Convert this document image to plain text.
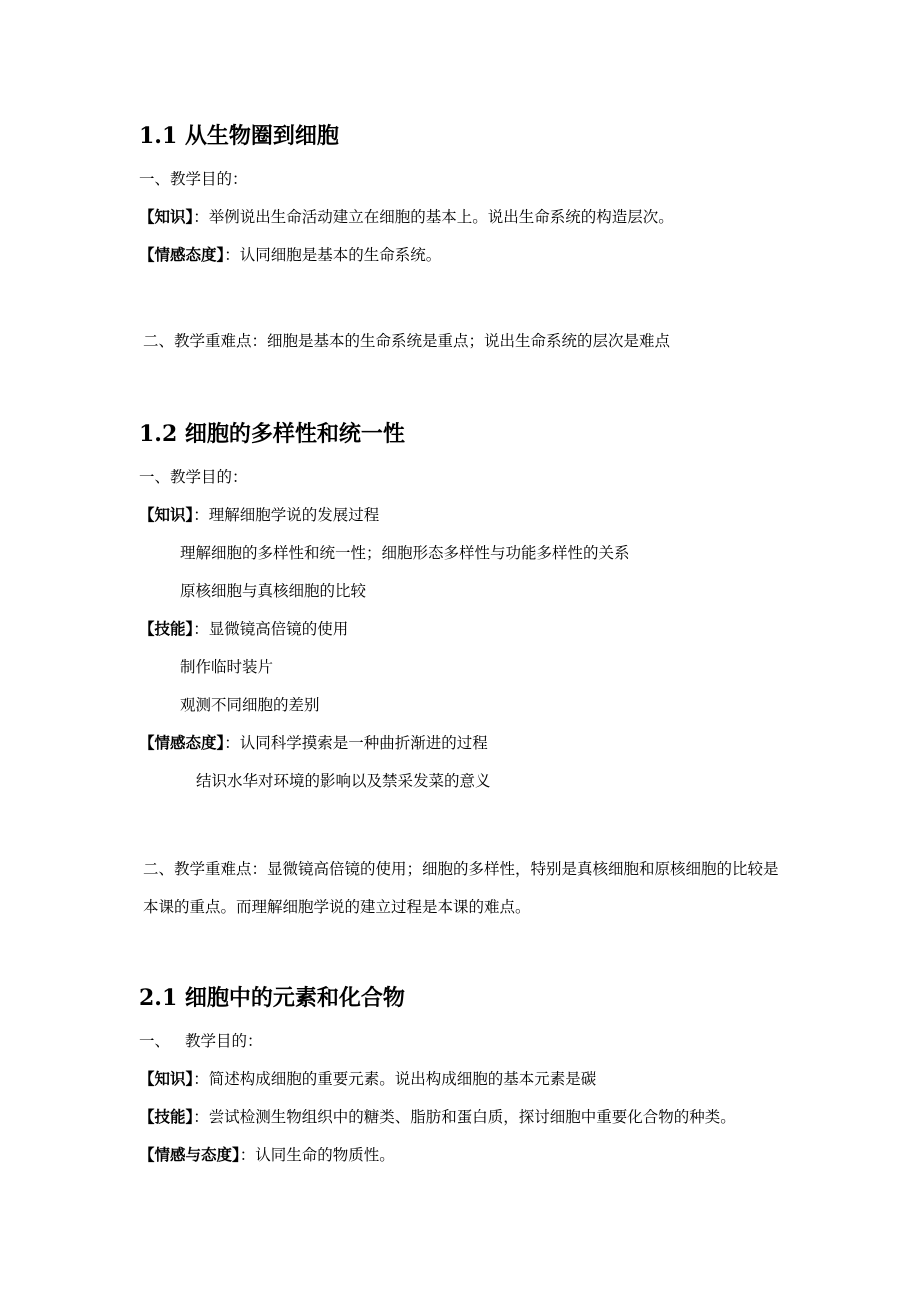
1.1 从生物圈到细胞
一、教学目的：
【知识】：举例说出生命活动建立在细胞的基本上。说出生命系统的构造层次。
【情感态度】：认同细胞是基本的生命系统。
二、教学重难点：细胞是基本的生命系统是重点；说出生命系统的层次是难点
1.2 细胞的多样性和统一性
一、教学目的：
【知识】：理解细胞学说的发展过程
理解细胞的多样性和统一性；细胞形态多样性与功能多样性的关系
原核细胞与真核细胞的比较
【技能】：显微镜高倍镜的使用
制作临时装片
观测不同细胞的差别
【情感态度】：认同科学摸索是一种曲折渐进的过程
结识水华对环境的影响以及禁采发菜的意义
二、教学重难点：显微镜高倍镜的使用；细胞的多样性，特别是真核细胞和原核细胞的比较是本课的重点。而理解细胞学说的建立过程是本课的难点。
2.1 细胞中的元素和化合物
一、 教学目的：
【知识】：简述构成细胞的重要元素。说出构成细胞的基本元素是碳
【技能】：尝试检测生物组织中的糖类、脂肪和蛋白质，探讨细胞中重要化合物的种类。
【情感与态度】：认同生命的物质性。
